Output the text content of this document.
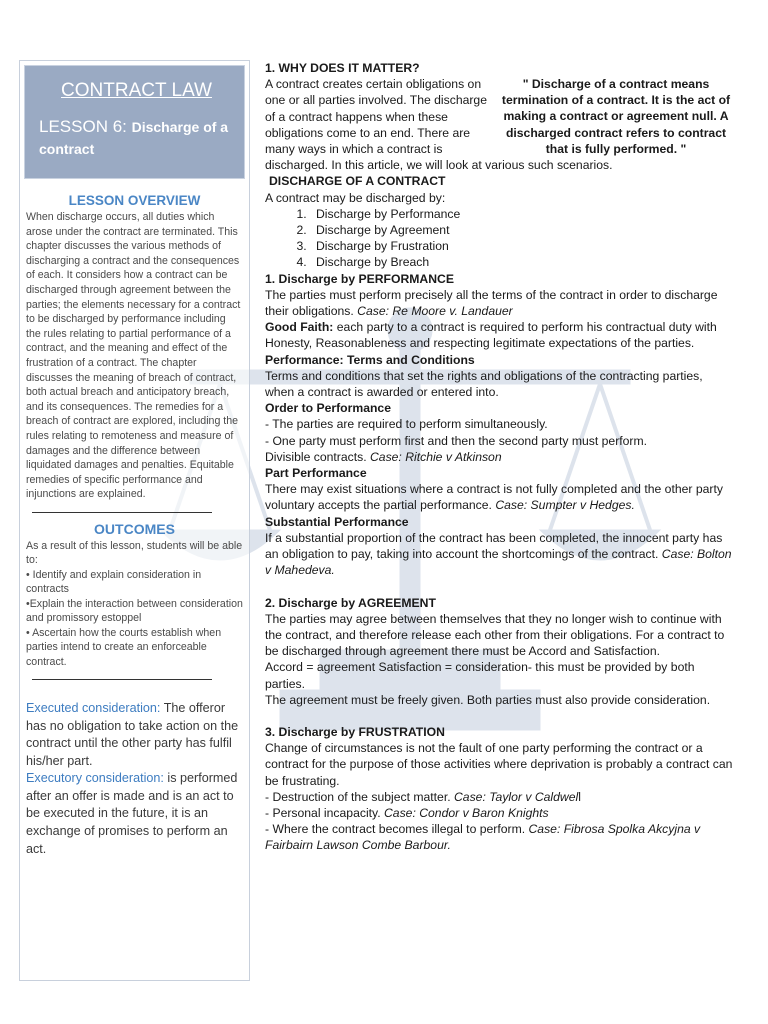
CONTRACT LAW
LESSON 6: Discharge of a contract
LESSON OVERVIEW

When discharge occurs, all duties which arose under the contract are terminated. This chapter discusses the various methods of discharging a contract and the consequences of each. It considers how a contract can be discharged through agreement between the parties; the elements necessary for a contract to be discharged by performance including the rules relating to partial performance of a contract, and the meaning and effect of the frustration of a contract. The chapter discusses the meaning of breach of contract, both actual breach and anticipatory breach, and its consequences. The remedies for a breach of contract are explored, including the rules relating to remoteness and measure of damages and the difference between liquidated damages and penalties. Equitable remedies of specific performance and injunctions are explained.

OUTCOMES

As a result of this lesson, students will be able to:

• Identify and explain consideration in contracts
•Explain the interaction between consideration and promissory estoppel
• Ascertain how the courts establish when parties intend to create an enforceable contract.

Executed consideration: The offeror has no obligation to take action on the contract until the other party has fulfil his/her part.

Executory consideration: is performed after an offer is made and is an act to be executed in the future, it is an exchange of promises to perform an act.

1. WHY DOES IT MATTER?

" Discharge of a contract means termination of a contract. It is the act of making a contract or agreement null. A discharged contract refers to contract that is fully performed. "

A contract creates certain obligations on one or all parties involved. The discharge of a contract happens when these obligations come to an end. There are many ways in which a contract is

discharged. In this article, we will look at various such scenarios.

DISCHARGE OF A CONTRACT

A contract may be discharged by:

1. Discharge by Performance
2. Discharge by Agreement
3. Discharge by Frustration
4. Discharge by Breach

1. Discharge by PERFORMANCE

The parties must perform precisely all the terms of the contract in order to discharge their obligations. Case: Re Moore v. Landauer

Good Faith: each party to a contract is required to perform his contractual duty with Honesty, Reasonableness and respecting legitimate expectations of the parties.

Performance: Terms and Conditions

Terms and conditions that set the rights and obligations of the contracting parties, when a contract is awarded or entered into.

Order to Performance

- The parties are required to perform simultaneously.

- One party must perform first and then the second party must perform.

Divisible contracts. Case: Ritchie v Atkinson

Part Performance

There may exist situations where a contract is not fully completed and the other party voluntary accepts the partial performance. Case: Sumpter v Hedges.

Substantial Performance

If a substantial proportion of the contract has been completed, the innocent party has an obligation to pay, taking into account the shortcomings of the contract. Case: Bolton v Mahedeva.

2. Discharge by AGREEMENT

The parties may agree between themselves that they no longer wish to continue with the contract, and therefore release each other from their obligations. For a contract to be discharged through agreement there must be Accord and Satisfaction.

Accord = agreement Satisfaction = consideration- this must be provided by both parties.

The agreement must be freely given. Both parties must also provide consideration.

3. Discharge by FRUSTRATION

Change of circumstances is not the fault of one party performing the contract or a contract for the purpose of those activities where deprivation is probably a contract can be frustrating.

- Destruction of the subject matter. Case: Taylor v Caldwell

- Personal incapacity. Case: Condor v Baron Knights

- Where the contract becomes illegal to perform. Case: Fibrosa Spolka Akcyjna v Fairbairn Lawson Combe Barbour.
